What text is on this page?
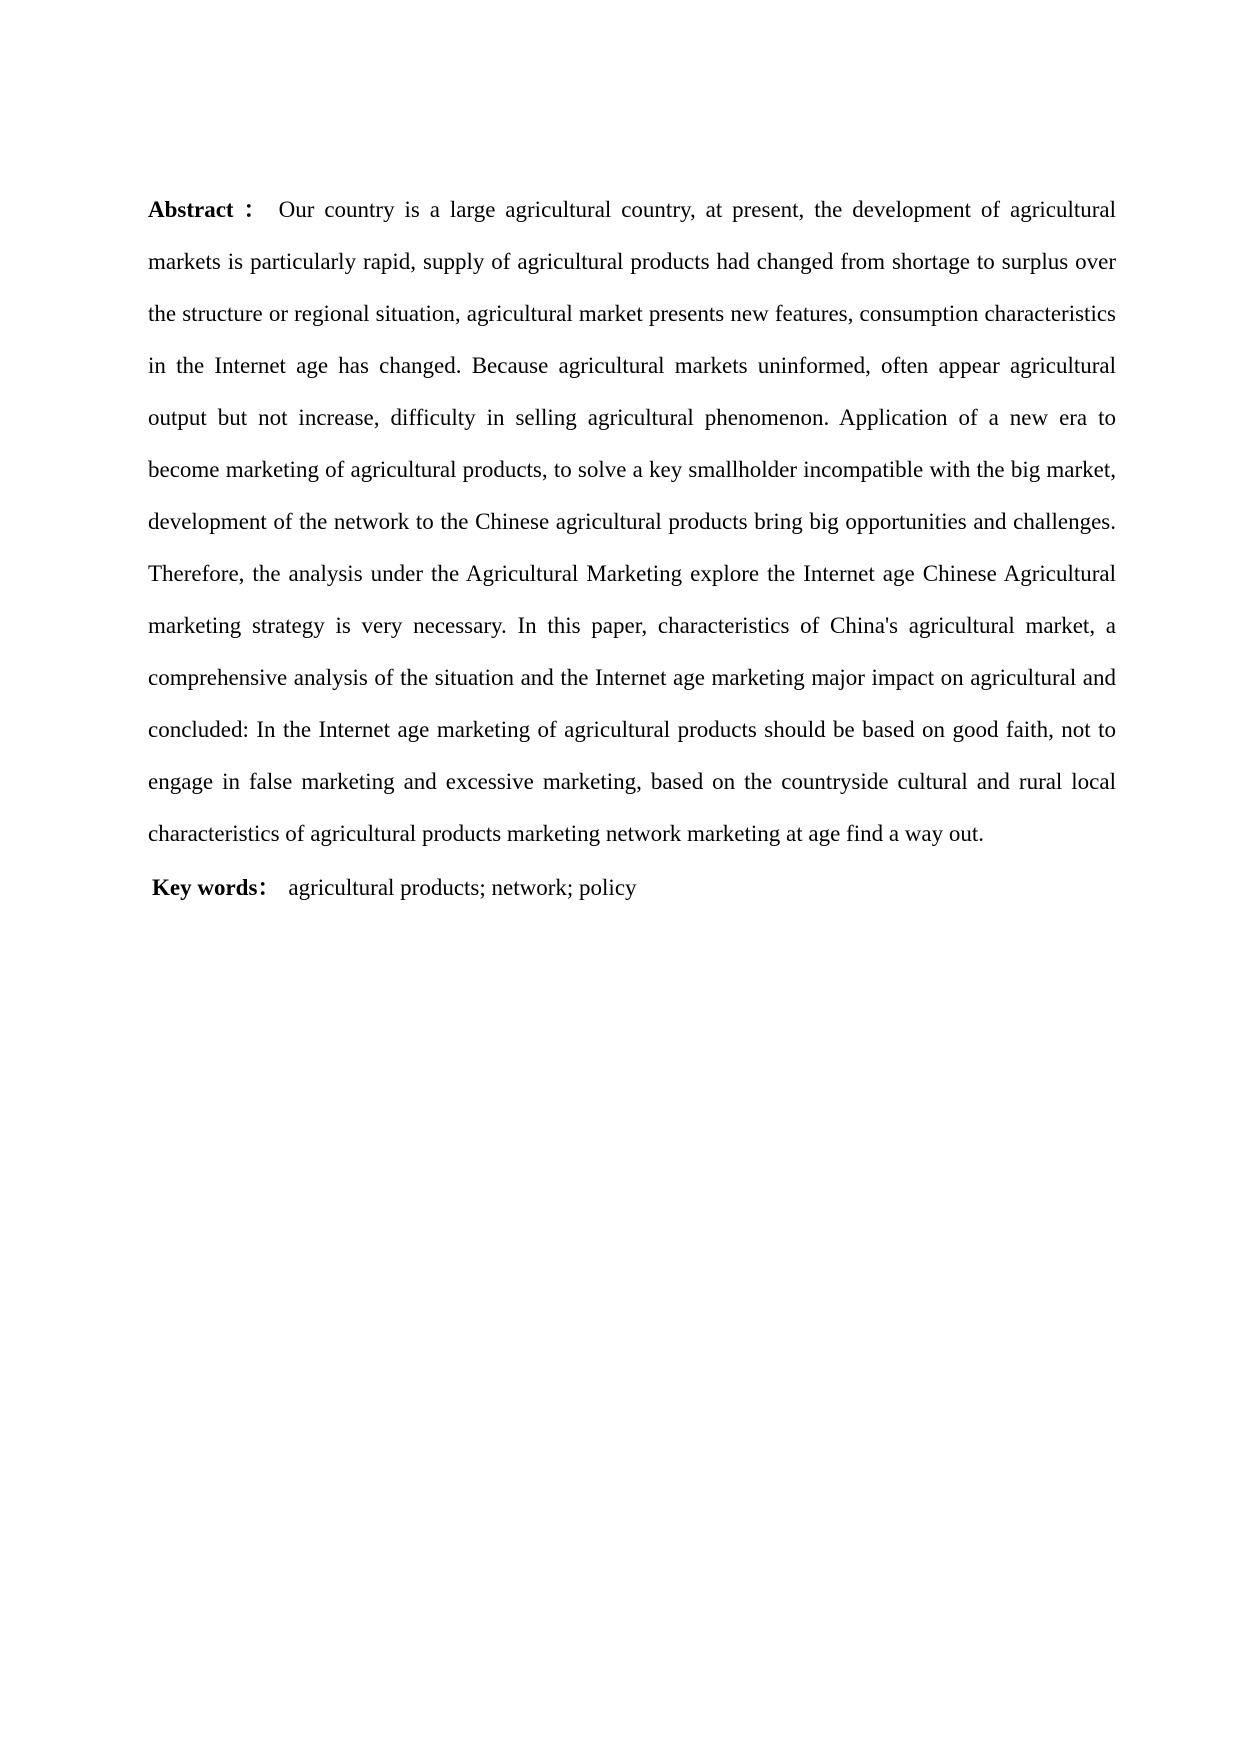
Abstract ： Our country is a large agricultural country, at present, the development of agricultural markets is particularly rapid, supply of agricultural products had changed from shortage to surplus over the structure or regional situation, agricultural market presents new features, consumption characteristics in the Internet age has changed. Because agricultural markets uninformed, often appear agricultural output but not increase, difficulty in selling agricultural phenomenon. Application of a new era to become marketing of agricultural products, to solve a key smallholder incompatible with the big market, development of the network to the Chinese agricultural products bring big opportunities and challenges. Therefore, the analysis under the Agricultural Marketing explore the Internet age Chinese Agricultural marketing strategy is very necessary. In this paper, characteristics of China's agricultural market, a comprehensive analysis of the situation and the Internet age marketing major impact on agricultural and concluded: In the Internet age marketing of agricultural products should be based on good faith, not to engage in false marketing and excessive marketing, based on the countryside cultural and rural local characteristics of agricultural products marketing network marketing at age find a way out.

Key words： agricultural products; network; policy
